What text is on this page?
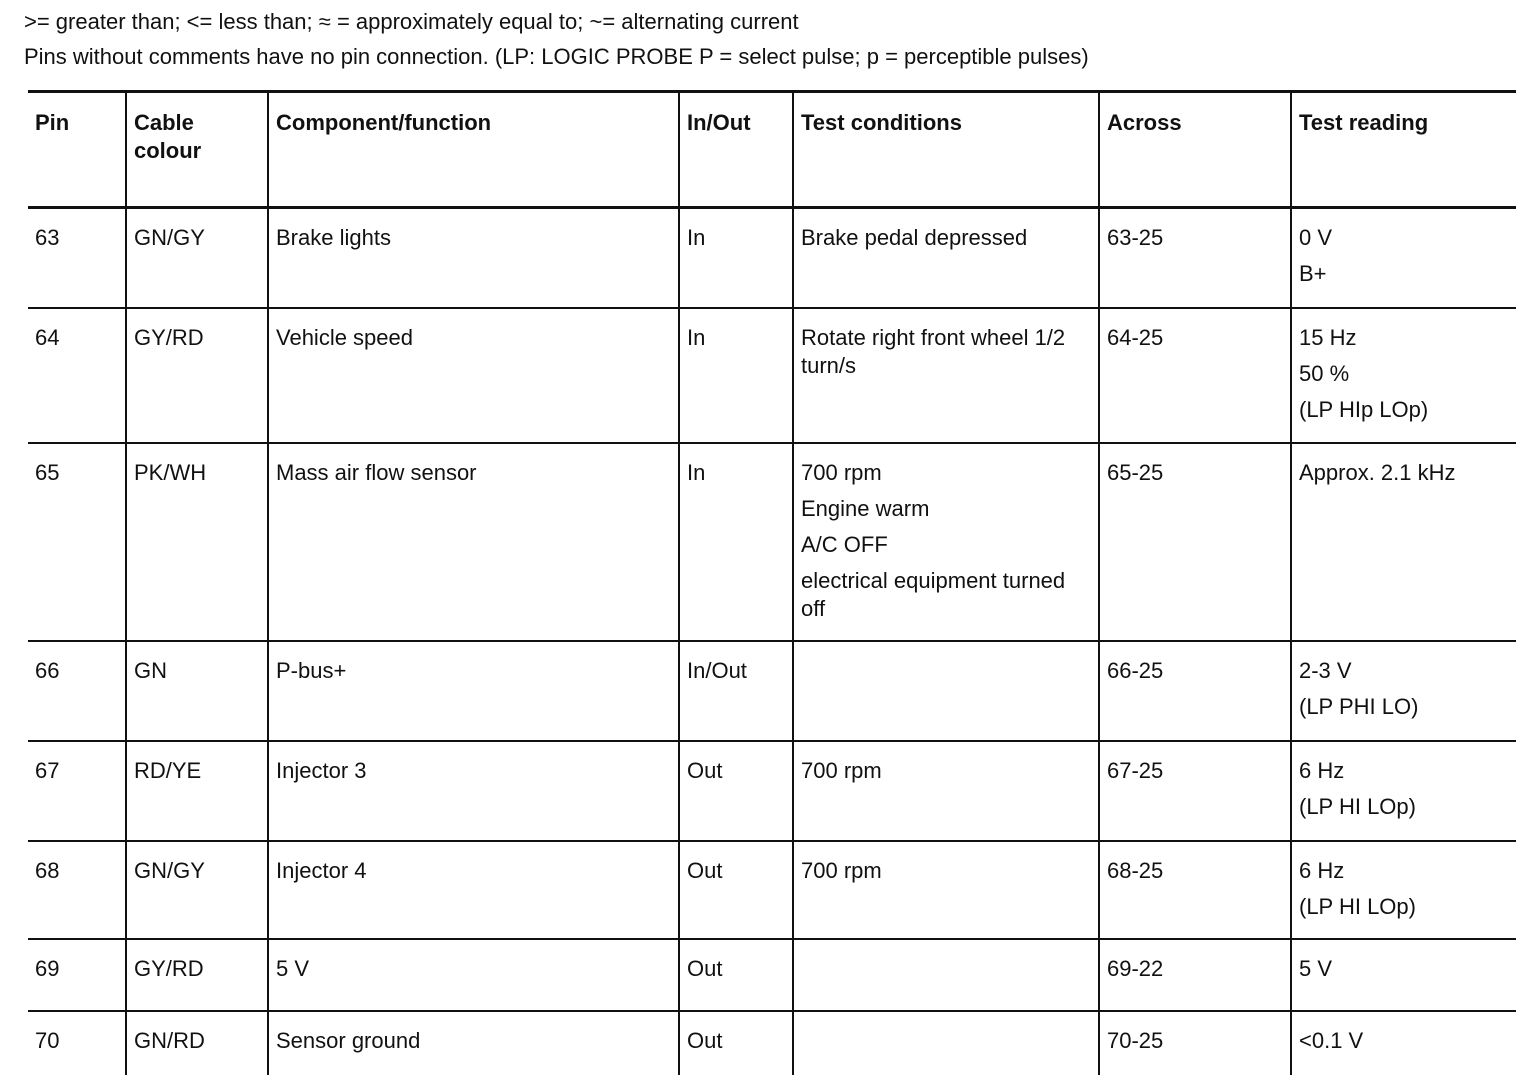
>= greater than; <= less than; ≈ = approximately equal to; ~= alternating current
Pins without comments have no pin connection. (LP: LOGIC PROBE P = select pulse; p = perceptible pulses)
Pin	Cable colour	Component/function	In/Out	Test conditions	Across	Test reading
63	GN/GY	Brake lights	In	Brake pedal depressed	63-25	0 V
B+

64	GY/RD	Vehicle speed	In	Rotate right front wheel 1/2 turn/s	64-25	15 Hz
50 %
(LP HIp LOp)

65	PK/WH	Mass air flow sensor	In	700 rpm
Engine warm
A/C OFF
electrical equipment turned off	65-25	Approx. 2.1 kHz

66	GN	P-bus+	In/Out		66-25	2-3 V
(LP PHI LO)

67	RD/YE	Injector 3	Out	700 rpm	67-25	6 Hz
(LP HI LOp)

68	GN/GY	Injector 4	Out	700 rpm	68-25	6 Hz
(LP HI LOp)

69	GY/RD	5 V	Out		69-22	5 V

70	GN/RD	Sensor ground	Out		70-25	<0.1 V
